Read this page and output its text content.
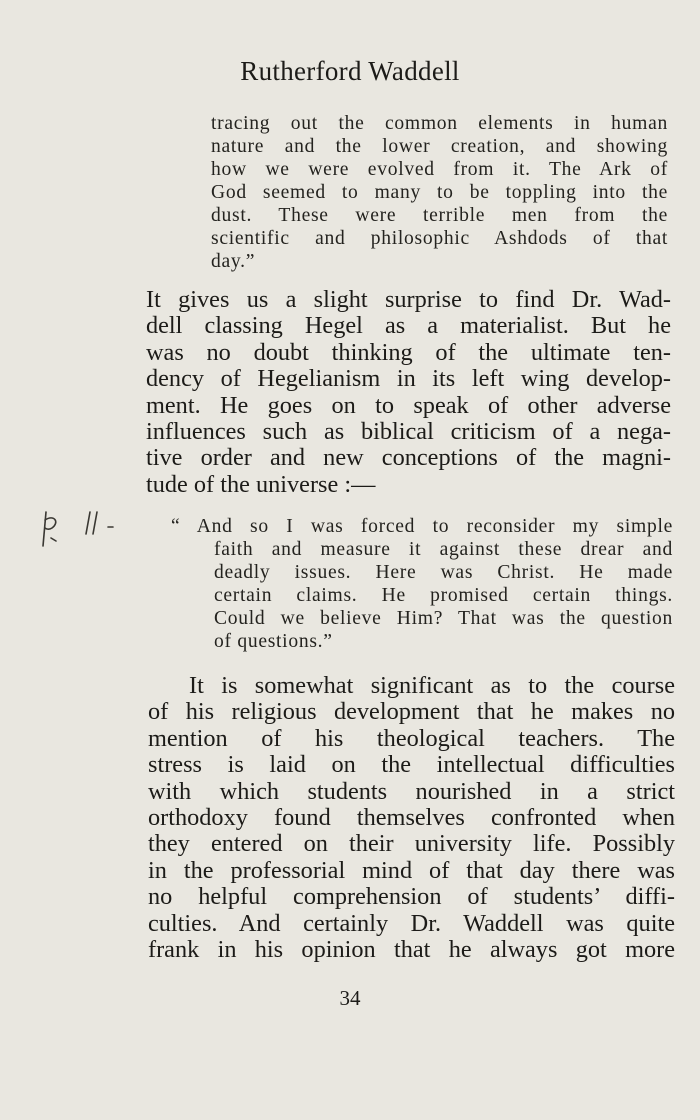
Rutherford Waddell
tracing out the common elements in human
nature and the lower creation, and showing
how we were evolved from it. The Ark of
God seemed to many to be toppling into the
dust. These were terrible men from the
scientific and philosophic Ashdods of that
day.”
It gives us a slight surprise to find Dr. Wad-
dell classing Hegel as a materialist. But he
was no doubt thinking of the ultimate ten-
dency of Hegelianism in its left wing develop-
ment. He goes on to speak of other adverse
influences such as biblical criticism of a nega-
tive order and new conceptions of the magni-
tude of the universe :—
“ And so I was forced to reconsider my simple
faith and measure it against these drear and
deadly issues. Here was Christ. He made
certain claims. He promised certain things.
Could we believe Him? That was the question
of questions.”
It is somewhat significant as to the course
of his religious development that he makes no
mention of his theological teachers. The
stress is laid on the intellectual difficulties
with which students nourished in a strict
orthodoxy found themselves confronted when
they entered on their university life. Possibly
in the professorial mind of that day there was
no helpful comprehension of students’ diffi-
culties. And certainly Dr. Waddell was quite
frank in his opinion that he always got more
34
